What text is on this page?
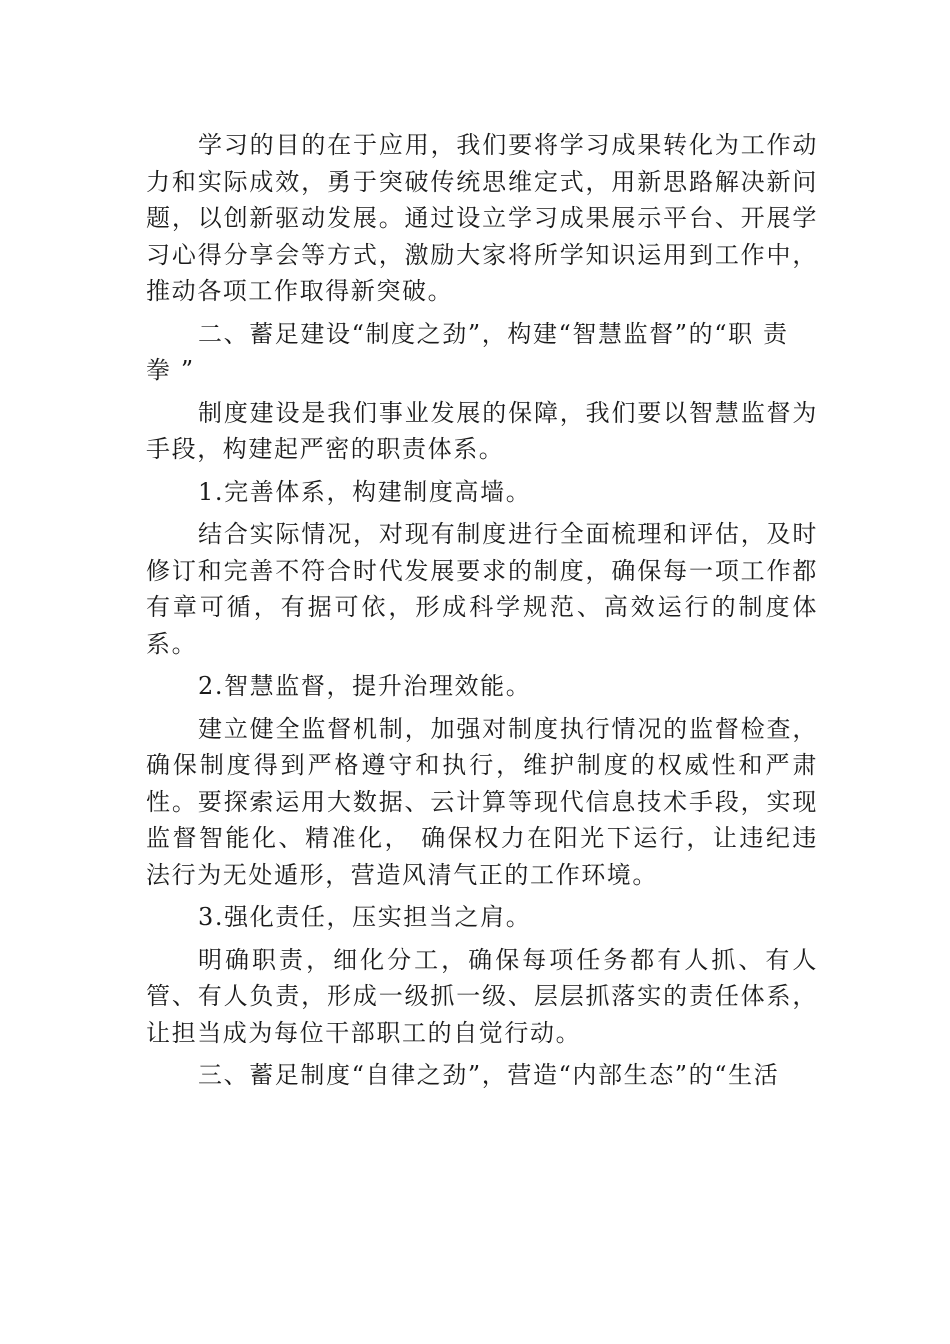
学习的目的在于应用，我们要将学习成果转化为工作动力和实际成效，勇于突破传统思维定式，用新思路解决新问题，以创新驱动发展。通过设立学习成果展示平台、开展学习心得分享会等方式，激励大家将所学知识运用到工作中，推动各项工作取得新突破。

二、蓄足建设“制度之劲”，构建“智慧监督”的“职 责 拳 ”

制度建设是我们事业发展的保障，我们要以智慧监督为手段，构建起严密的职责体系。

1.完善体系，构建制度高墙。

结合实际情况，对现有制度进行全面梳理和评估，及时修订和完善不符合时代发展要求的制度，确保每一项工作都有章可循，有据可依，形成科学规范、高效运行的制度体系。

2.智慧监督，提升治理效能。

建立健全监督机制，加强对制度执行情况的监督检查，确保制度得到严格遵守和执行，维护制度的权威性和严肃性。要探索运用大数据、云计算等现代信息技术手段，实现监督智能化、精准化， 确保权力在阳光下运行，让违纪违法行为无处遁形，营造风清气正的工作环境。

3.强化责任，压实担当之肩。

明确职责，细化分工，确保每项任务都有人抓、有人管、有人负责，形成一级抓一级、层层抓落实的责任体系，让担当成为每位干部职工的自觉行动。

三、蓄足制度“自律之劲”，营造“内部生态”的“生活
